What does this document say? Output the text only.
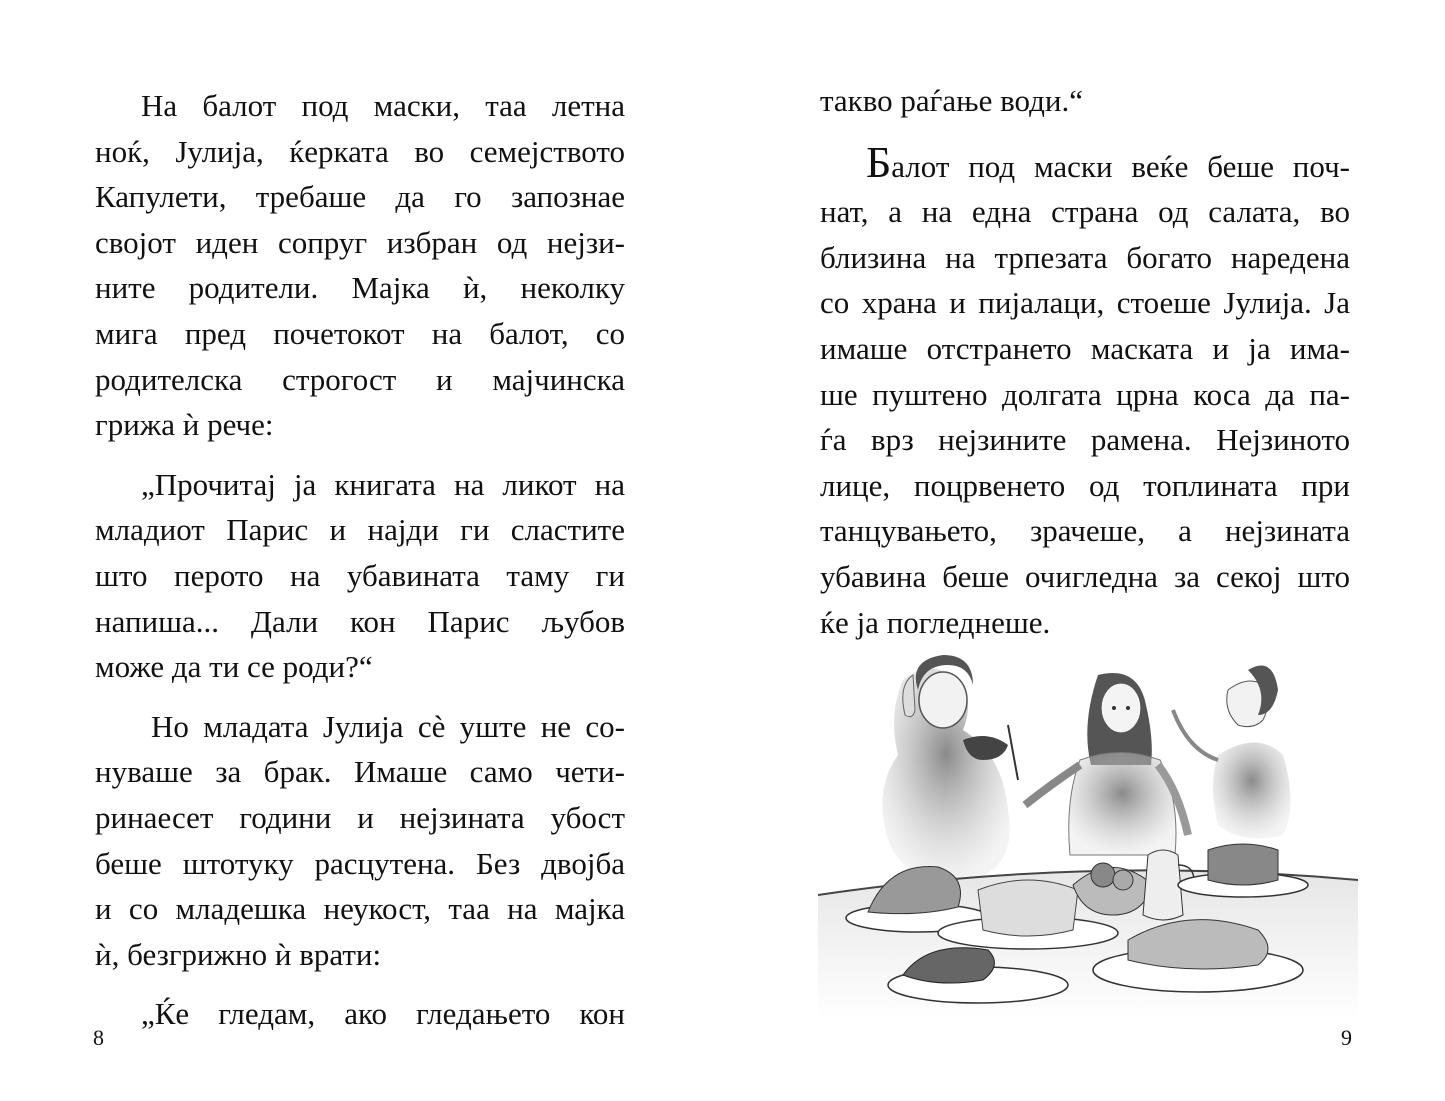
На балот под маски, таа летна
ноќ, Јулија, ќерката во семејството
Капулети, требаше да го запознае
својот иден сопруг избран од нејзи-
ните родители. Мајка ѝ, неколку
мига пред почетокот на балот, со
родителска строгост и мајчинска
грижа ѝ рече:
„Прочитај ја книгата на ликот на
младиот Парис и најди ги сластите
што перото на убавината таму ги
напиша... Дали кон Парис љубов
може да ти се роди?“
Но младата Јулија сѐ уште не со-
нуваше за брак. Имаше само чети-
ринаесет години и нејзината убост
беше штотуку расцутена. Без двојба
и со младешка неукост, таа на мајка
ѝ, безгрижно ѝ врати:
„Ќе гледам, ако гледањето кон
8
такво раѓање води.“
Балот под маски веќе беше поч-
нат, а на една страна од салата, во
близина на трпезата богато наредена
со храна и пијалаци, стоеше Јулија. Ја
имаше отстрането маската и ја има-
ше пуштено долгата црна коса да па-
ѓа врз нејзините рамена. Нејзиното
лице, поцрвенето од топлината при
танцувањето, зрачеше, а нејзината
убавина беше очигледна за секој што
ќе ја погледнеше.
9
